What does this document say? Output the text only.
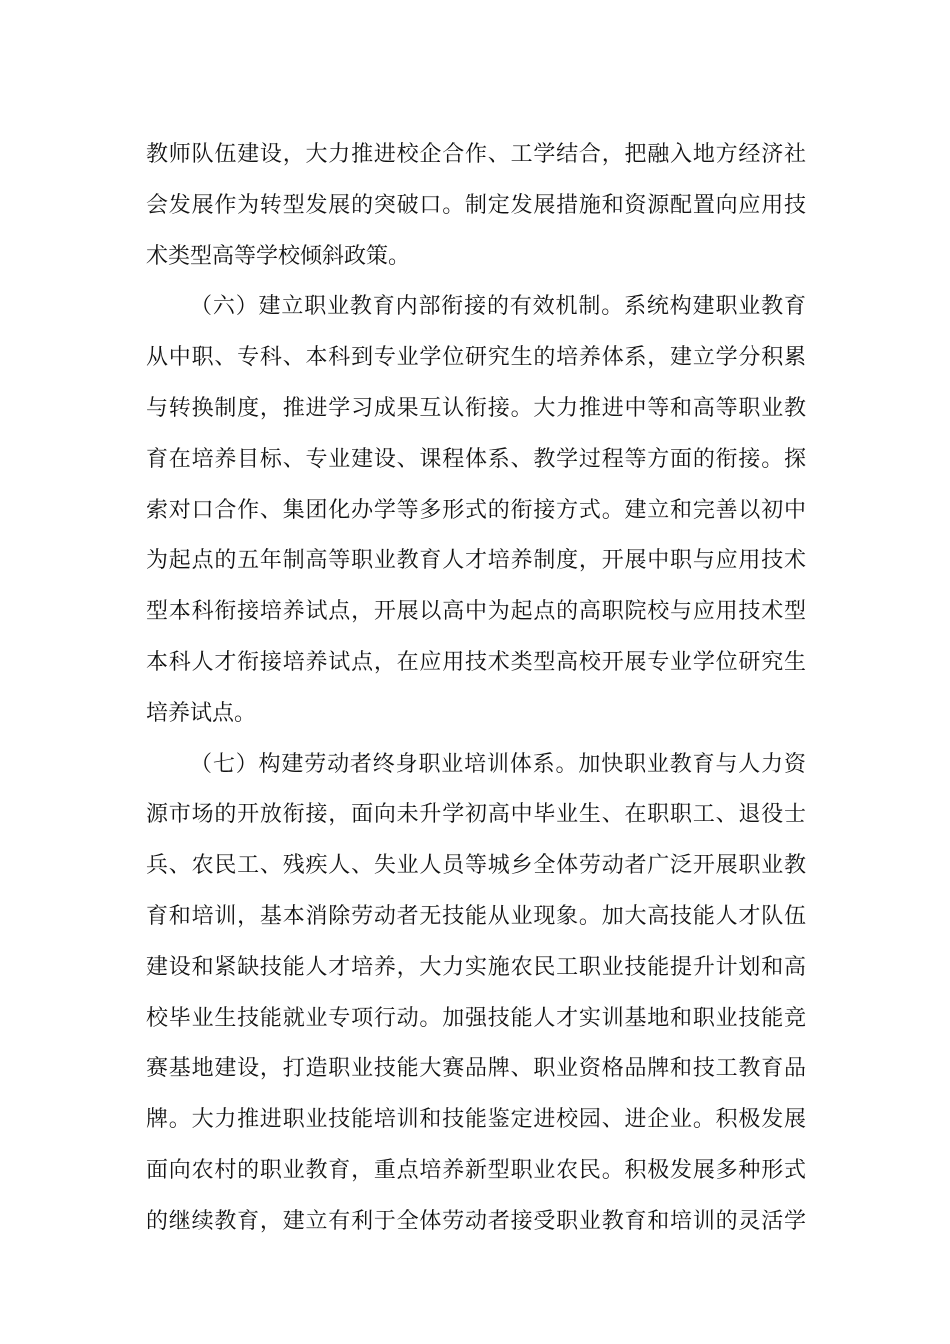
教师队伍建设，大力推进校企合作、工学结合，把融入地方经济社
会发展作为转型发展的突破口。制定发展措施和资源配置向应用技
术类型高等学校倾斜政策。
（六）建立职业教育内部衔接的有效机制。系统构建职业教育
从中职、专科、本科到专业学位研究生的培养体系，建立学分积累
与转换制度，推进学习成果互认衔接。大力推进中等和高等职业教
育在培养目标、专业建设、课程体系、教学过程等方面的衔接。探
索对口合作、集团化办学等多形式的衔接方式。建立和完善以初中
为起点的五年制高等职业教育人才培养制度，开展中职与应用技术
型本科衔接培养试点，开展以高中为起点的高职院校与应用技术型
本科人才衔接培养试点，在应用技术类型高校开展专业学位研究生
培养试点。
（七）构建劳动者终身职业培训体系。加快职业教育与人力资
源市场的开放衔接，面向未升学初高中毕业生、在职职工、退役士
兵、农民工、残疾人、失业人员等城乡全体劳动者广泛开展职业教
育和培训，基本消除劳动者无技能从业现象。加大高技能人才队伍
建设和紧缺技能人才培养，大力实施农民工职业技能提升计划和高
校毕业生技能就业专项行动。加强技能人才实训基地和职业技能竞
赛基地建设，打造职业技能大赛品牌、职业资格品牌和技工教育品
牌。大力推进职业技能培训和技能鉴定进校园、进企业。积极发展
面向农村的职业教育，重点培养新型职业农民。积极发展多种形式
的继续教育，建立有利于全体劳动者接受职业教育和培训的灵活学
